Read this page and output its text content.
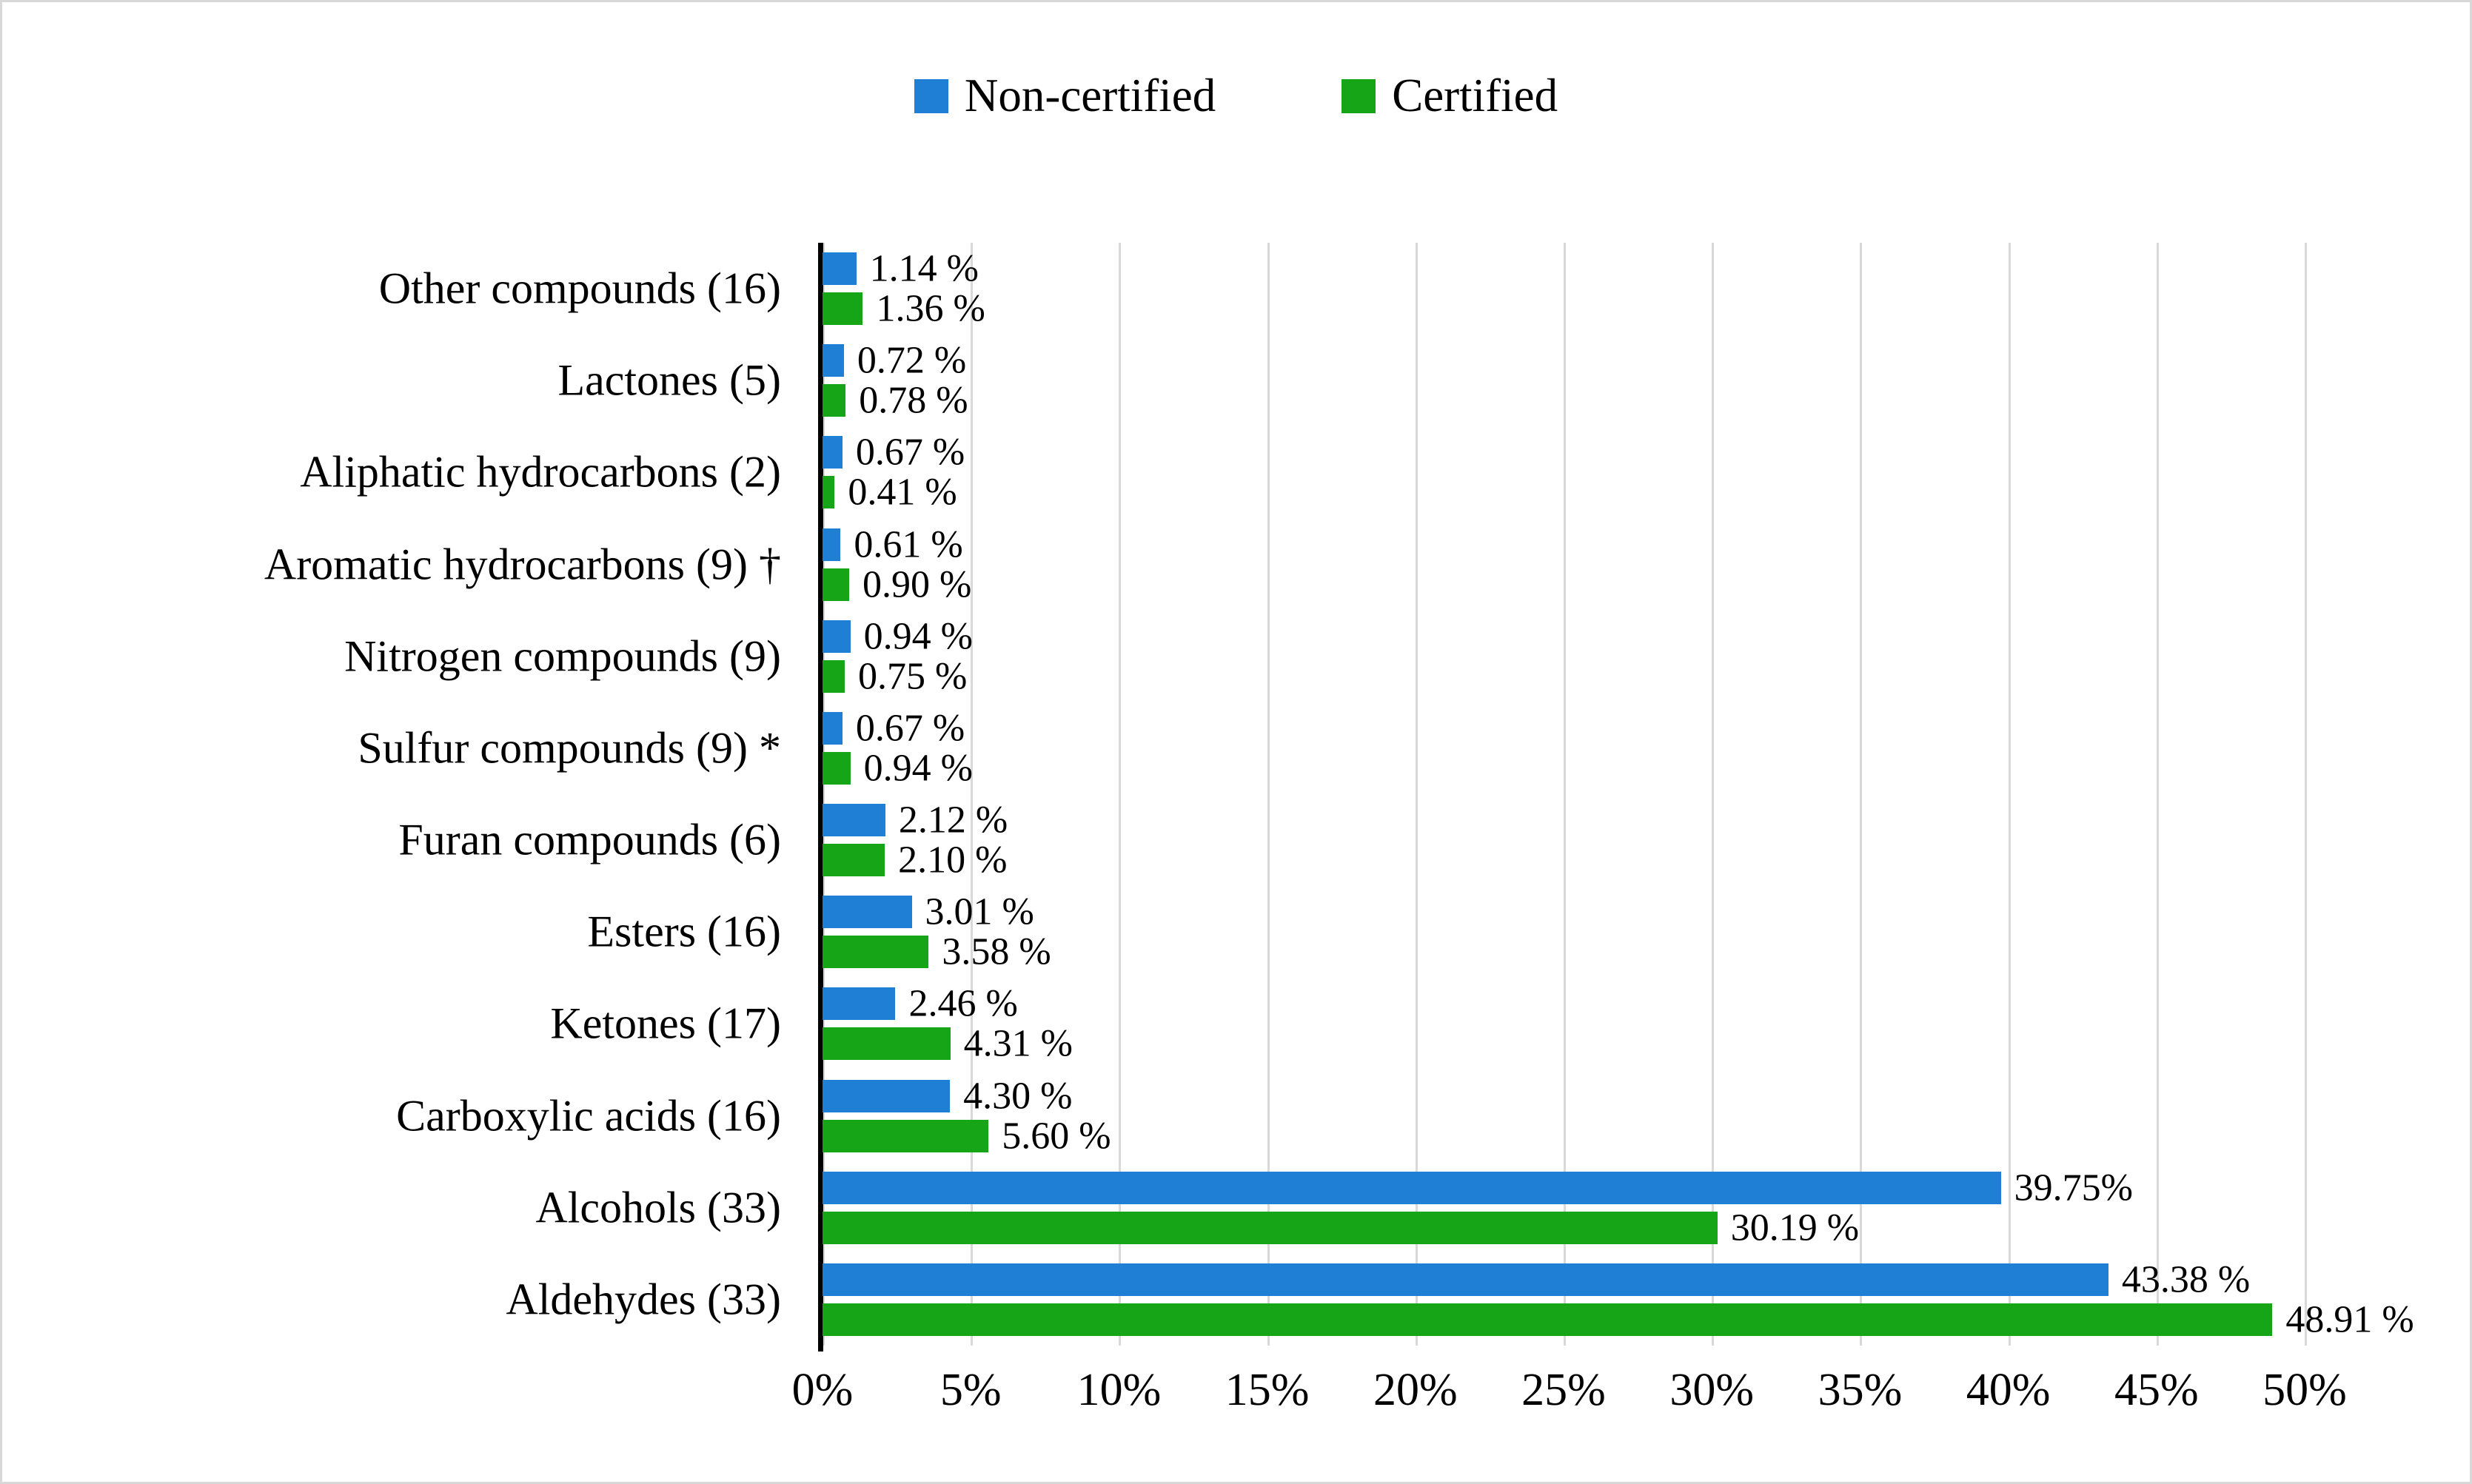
Non-certified	Certified
Aldehydes (33)
Alcohols (33)
Carboxylic acids (16)
Ketones (17)
Esters (16)
Furan compounds (6)
Sulfur compounds (9) *
Nitrogen compounds (9)
Aromatic hydrocarbons (9) †
Aliphatic hydrocarbons (2)
Lactones (5)
Other compounds (16)
43.38 %
48.91 %
39.75%
30.19 %
4.30 %
5.60 %
2.46 %
4.31 %
3.01 %
3.58 %
2.12 %
2.10 %
0.67 %
0.94 %
0.94 %
0.75 %
0.61 %
0.90 %
0.67 %
0.41 %
0.72 %
0.78 %
1.14 %
1.36 %
0% 5% 10% 15% 20% 25% 30% 35% 40% 45% 50%
